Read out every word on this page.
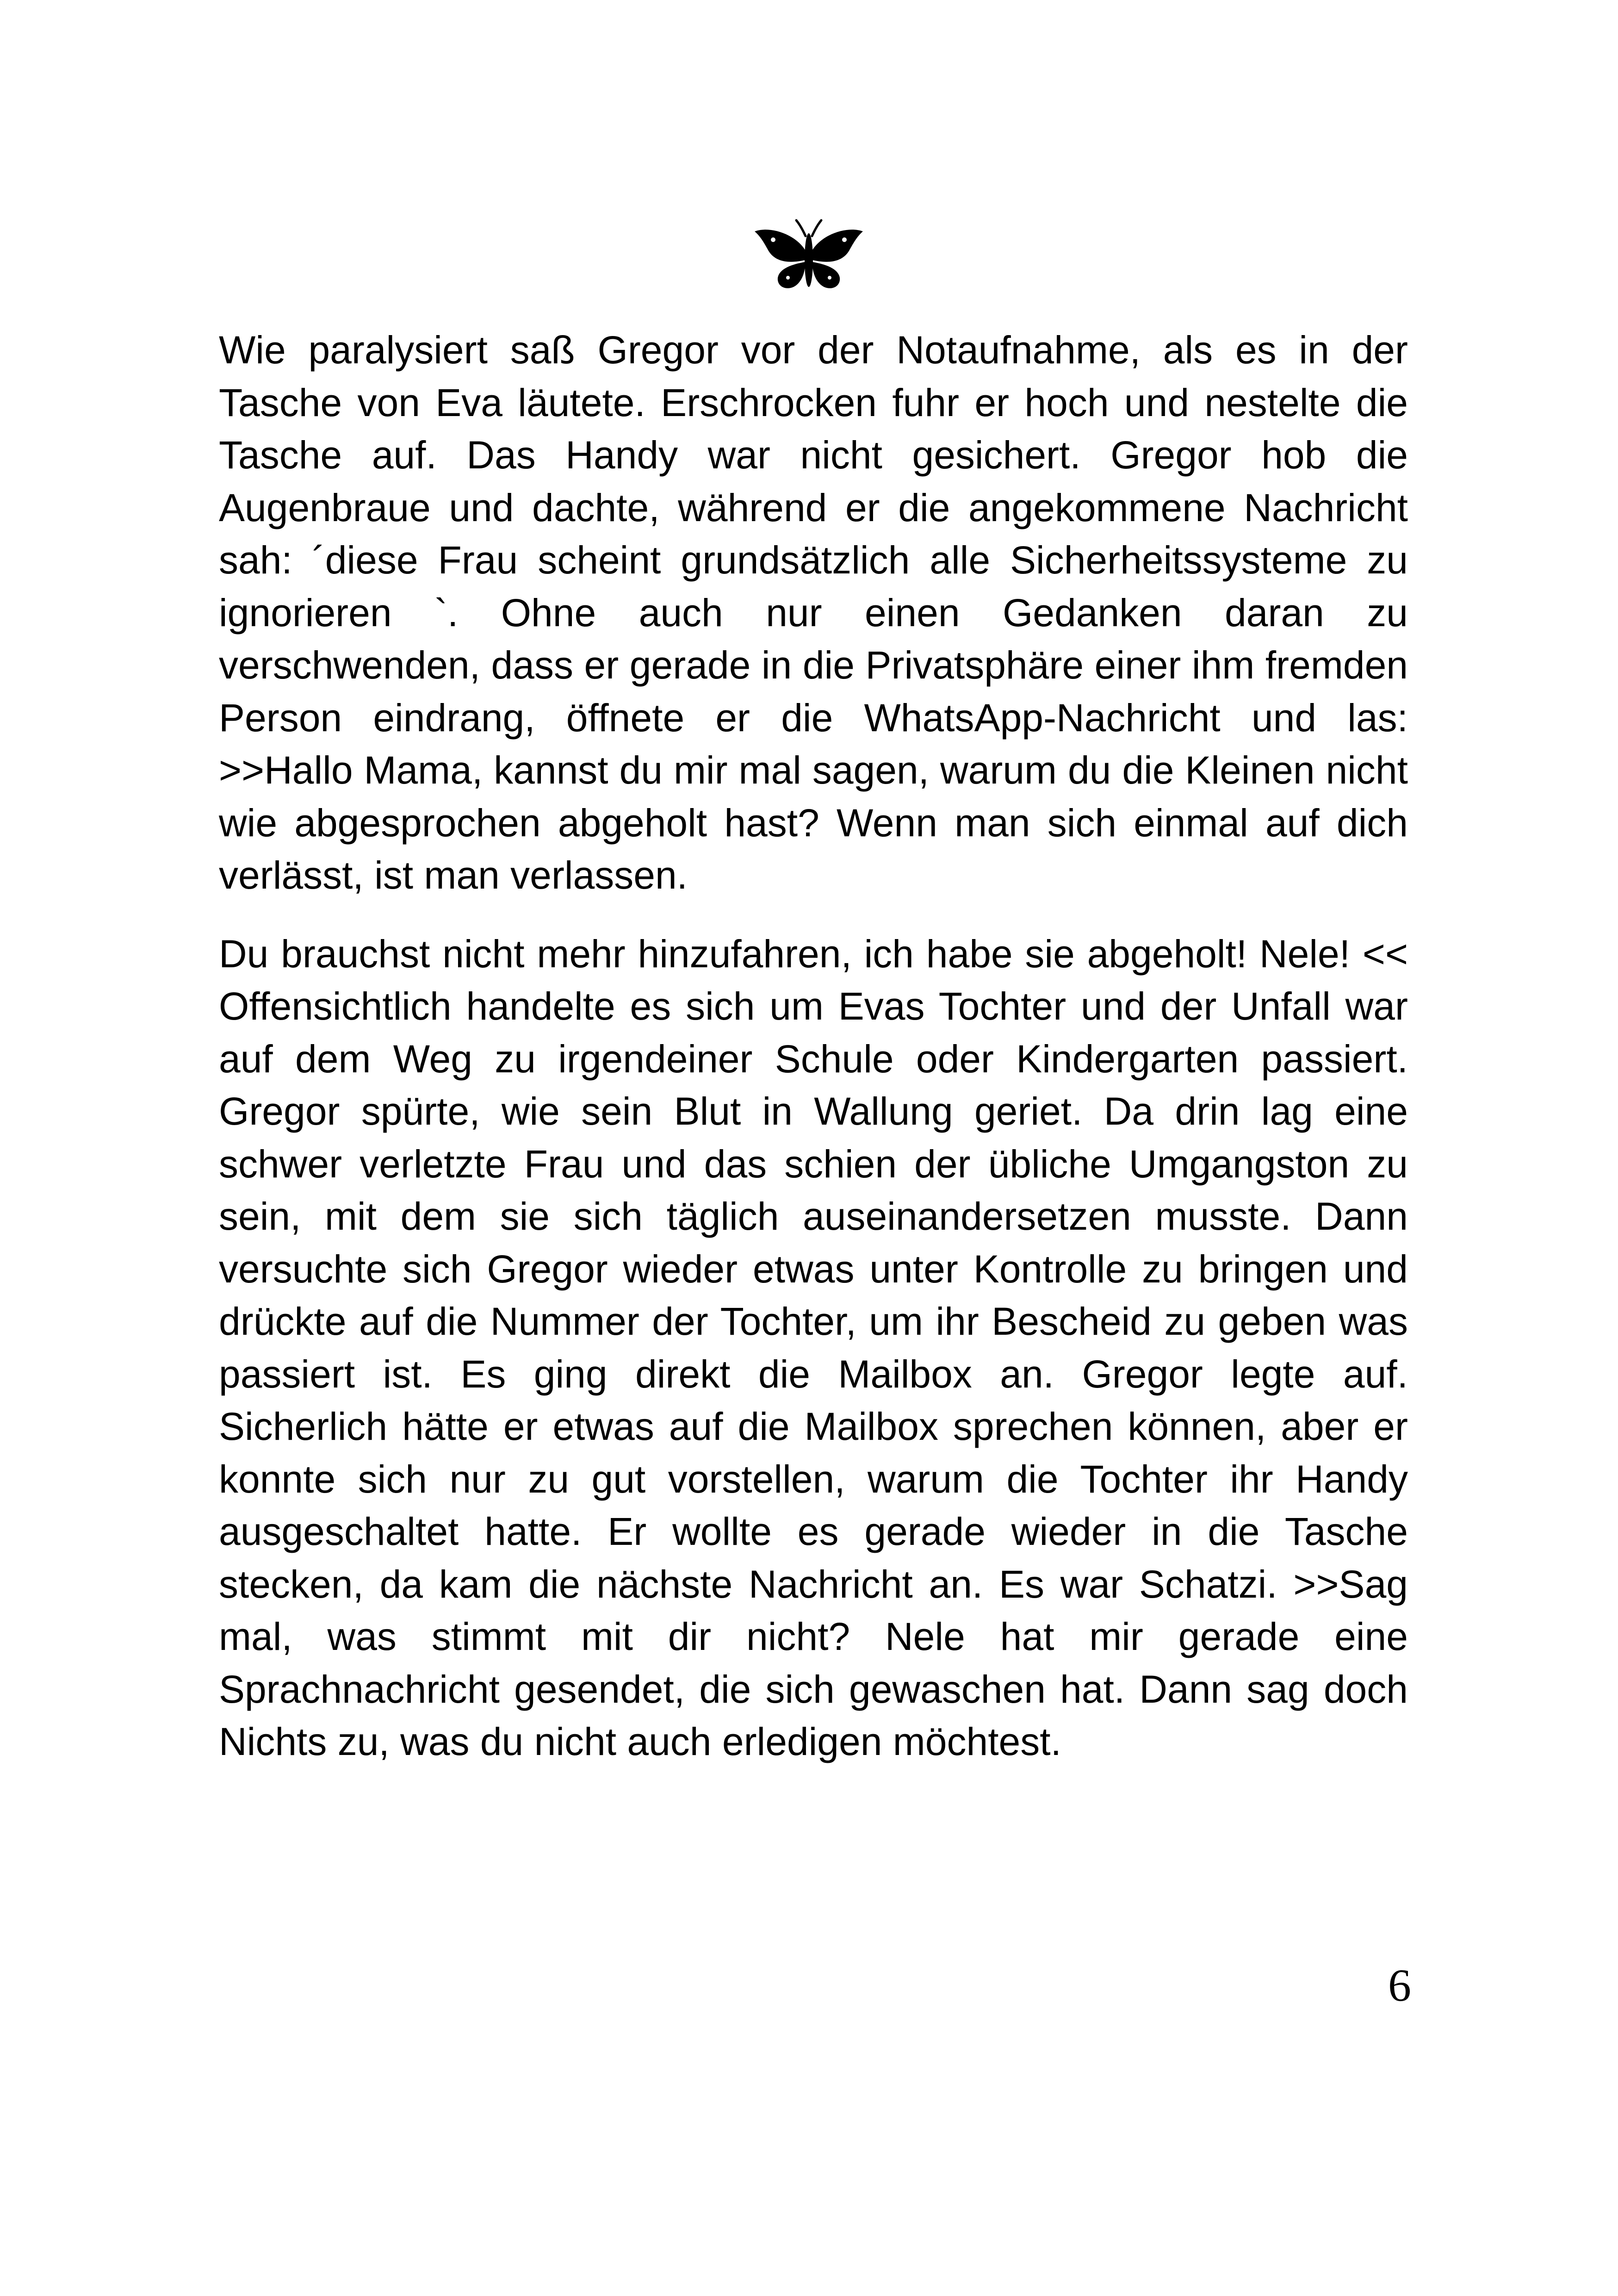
Wie paralysiert saß Gregor vor der Notaufnahme, als es in der Tasche von Eva läutete. Erschrocken fuhr er hoch und nestelte die Tasche auf. Das Handy war nicht gesichert. Gregor hob die Augenbraue und dachte, während er die angekommene Nachricht sah: ´diese Frau scheint grundsätzlich alle Sicherheitssysteme zu ignorieren `. Ohne auch nur einen Gedanken daran zu verschwenden, dass er gerade in die Privatsphäre einer ihm fremden Person eindrang, öffnete er die WhatsApp-Nachricht und las: >>Hallo Mama, kannst du mir mal sagen, warum du die Kleinen nicht wie abgesprochen abgeholt hast? Wenn man sich einmal auf dich verlässt, ist man verlassen.

Du brauchst nicht mehr hinzufahren, ich habe sie abgeholt! Nele! << Offensichtlich handelte es sich um Evas Tochter und der Unfall war auf dem Weg zu irgendeiner Schule oder Kindergarten passiert. Gregor spürte, wie sein Blut in Wallung geriet. Da drin lag eine schwer verletzte Frau und das schien der übliche Umgangston zu sein, mit dem sie sich täglich auseinandersetzen musste. Dann versuchte sich Gregor wieder etwas unter Kontrolle zu bringen und drückte auf die Nummer der Tochter, um ihr Bescheid zu geben was passiert ist. Es ging direkt die Mailbox an. Gregor legte auf. Sicherlich hätte er etwas auf die Mailbox sprechen können, aber er konnte sich nur zu gut vorstellen, warum die Tochter ihr Handy ausgeschaltet hatte. Er wollte es gerade wieder in die Tasche stecken, da kam die nächste Nachricht an. Es war Schatzi. >>Sag mal, was stimmt mit dir nicht? Nele hat mir gerade eine Sprachnachricht gesendet, die sich gewaschen hat. Dann sag doch Nichts zu, was du nicht auch erledigen möchtest.

6
